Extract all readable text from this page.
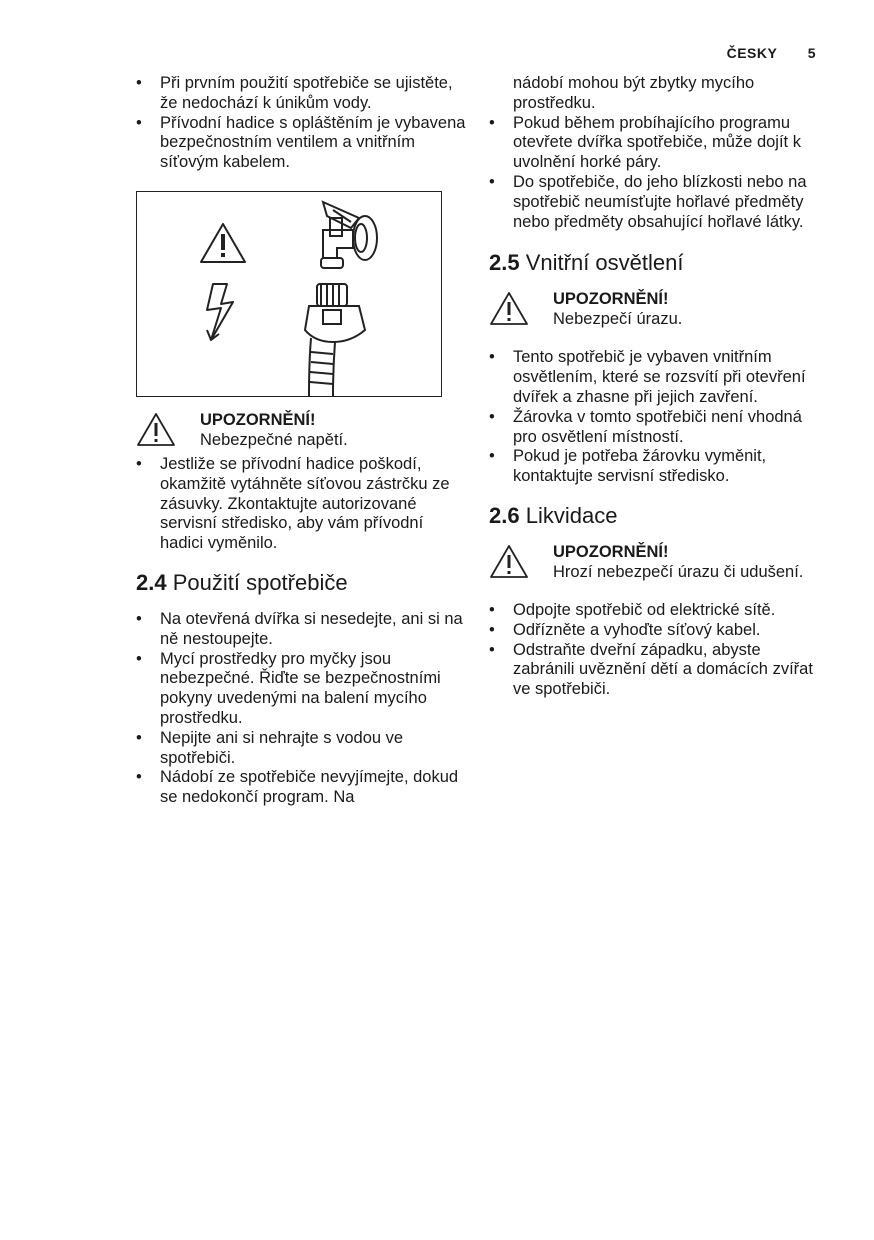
ČESKY 5
• Při prvním použití spotřebiče se ujistěte, že nedochází k únikům vody.
• Přívodní hadice s opláštěním je vybavena bezpečnostním ventilem a vnitřním síťovým kabelem.
UPOZORNĚNÍ!
Nebezpečné napětí.
• Jestliže se přívodní hadice poškodí, okamžitě vytáhněte síťovou zástrčku ze zásuvky. Zkontaktujte autorizované servisní středisko, aby vám přívodní hadici vyměnilo.
2.4 Použití spotřebiče
• Na otevřená dvířka si nesedejte, ani si na ně nestoupejte.
• Mycí prostředky pro myčky jsou nebezpečné. Řiďte se bezpečnostními pokyny uvedenými na balení mycího prostředku.
• Nepijte ani si nehrajte s vodou ve spotřebiči.
• Nádobí ze spotřebiče nevyjímejte, dokud se nedokončí program. Na
nádobí mohou být zbytky mycího prostředku.
• Pokud během probíhajícího programu otevřete dvířka spotřebiče, může dojít k uvolnění horké páry.
• Do spotřebiče, do jeho blízkosti nebo na spotřebič neumísťujte hořlavé předměty nebo předměty obsahující hořlavé látky.
2.5 Vnitřní osvětlení
UPOZORNĚNÍ!
Nebezpečí úrazu.
• Tento spotřebič je vybaven vnitřním osvětlením, které se rozsvítí při otevření dvířek a zhasne při jejich zavření.
• Žárovka v tomto spotřebiči není vhodná pro osvětlení místností.
• Pokud je potřeba žárovku vyměnit, kontaktujte servisní středisko.
2.6 Likvidace
UPOZORNĚNÍ!
Hrozí nebezpečí úrazu či udušení.
• Odpojte spotřebič od elektrické sítě.
• Odřízněte a vyhoďte síťový kabel.
• Odstraňte dveřní západku, abyste zabránili uvěznění dětí a domácích zvířat ve spotřebiči.
